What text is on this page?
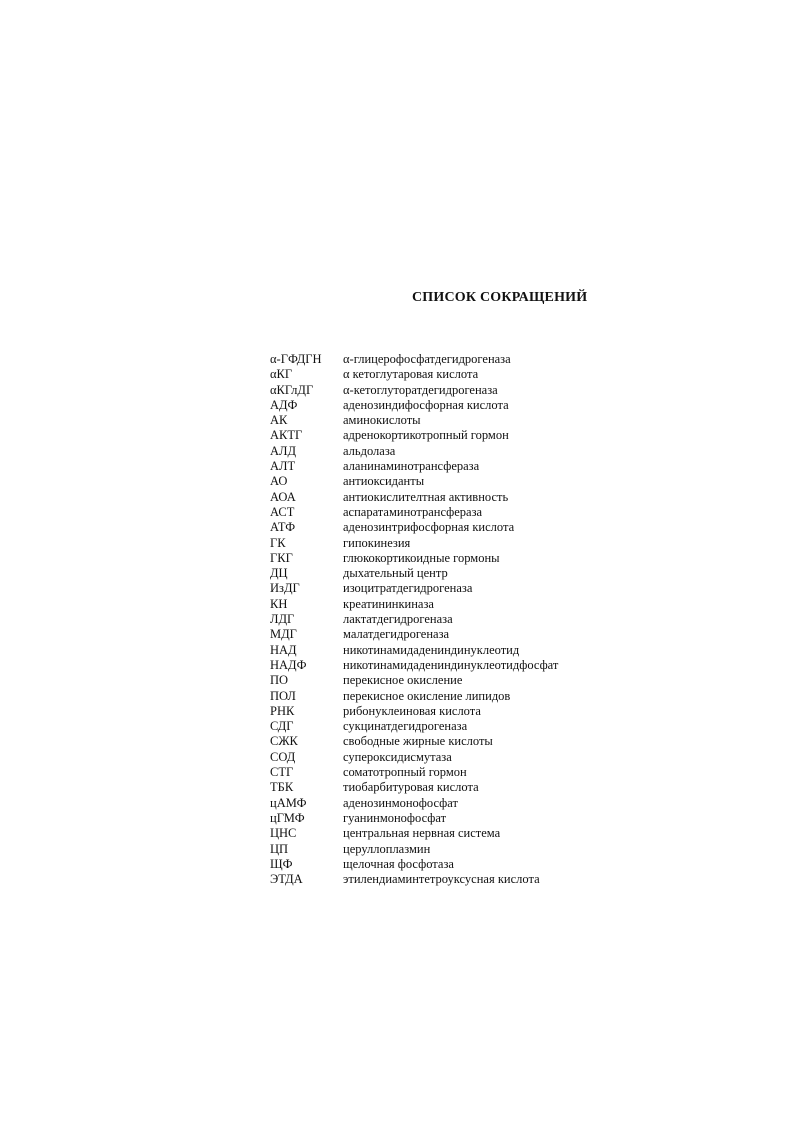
СПИСОК СОКРАЩЕНИЙ
α-ГФДГН α-глицерофосфатдегидрогеназа
αКГ	α кетоглутаровая кислота
αКГлДГ α-кетоглуторатдегидрогеназа
АДФ	аденозиндифосфорная кислота
АК	аминокислоты
АКТГ	адренокортикотропный гормон
АЛД	альдолаза
АЛТ	аланинаминотрансфераза
АО	антиоксиданты
АОА	антиокислителтная активность
АСТ	аспаратаминотрансфераза
АТФ	аденозинтрифосфорная кислота
ГК	гипокинезия
ГКГ	глюкокортикоидные гормоны
ДЦ	дыхательный центр
ИзДГ	изоцитратдегидрогеназа
КН	креатининкиназа
ЛДГ	лактатдегидрогеназа
МДГ	малатдегидрогеназа
НАД	никотинамидадениндинуклеотид
НАДФ	никотинамидадениндинуклеотидфосфат
ПО	перекисное окисление
ПОЛ	перекисное окисление липидов
РНК	рибонуклеиновая кислота
СДГ	сукцинатдегидрогеназа
СЖК	свободные жирные кислоты
СОД	супероксидисмутаза
СТГ	соматотропный гормон
ТБК	тиобарбитуровая кислота
цАМФ	аденозинмонофосфат
цГМФ	гуанинмонофосфат
ЦНС	центральная нервная система
ЦП	церуллоплазмин
ЩФ	щелочная фосфотаза
ЭТДА	этилендиаминтетроуксусная кислота
